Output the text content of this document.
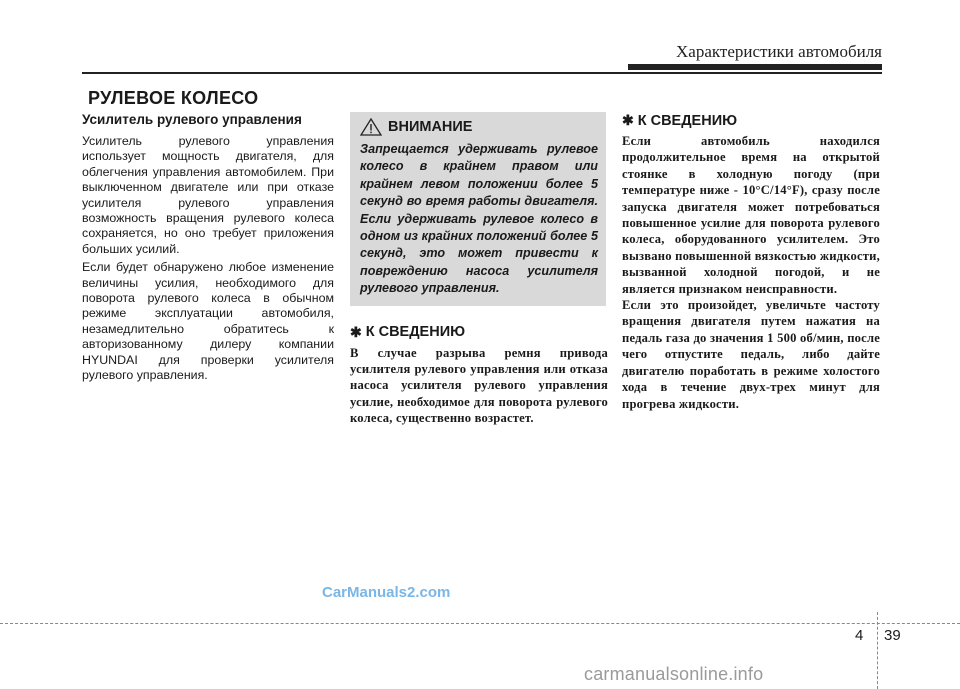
Характеристики автомобиля
РУЛЕВОЕ КОЛЕСО

Усилитель рулевого управления

Усилитель рулевого управления использует мощность двигателя, для облегчения управления автомобилем. При выключенном двигателе или при отказе усилителя рулевого управления возможность вращения рулевого колеса сохраняется, но оно требует приложения больших усилий.

Если будет обнаружено любое изменение величины усилия, необходимого для поворота рулевого колеса в обычном режиме эксплуатации автомобиля, незамедлительно обратитесь к авторизованному дилеру компании HYUNDAI для проверки усилителя рулевого управления.

ВНИМАНИЕ

Запрещается удерживать рулевое колесо в крайнем правом или крайнем левом положении более 5 секунд во время работы двигателя. Если удерживать рулевое колесо в одном из крайних положений более 5 секунд, это может привести к повреждению насоса усилителя рулевого управления.

✱ К СВЕДЕНИЮ

В случае разрыва ремня привода усилителя рулевого управления или отказа насоса усилителя рулевого управления усилие, необходимое для поворота рулевого колеса, существенно возрастет.

✱ К СВЕДЕНИЮ

Если автомобиль находился продолжительное время на открытой стоянке в холодную погоду (при температуре ниже - 10°C/14°F), сразу после запуска двигателя может потребоваться повышенное усилие для поворота рулевого колеса, оборудованного усилителем. Это вызвано повышенной вязкостью жидкости, вызванной холодной погодой, и не является признаком неисправности.

Если это произойдет, увеличьте частоту вращения двигателя путем нажатия на педаль газа до значения 1 500 об/мин, после чего отпустите педаль, либо дайте двигателю поработать в режиме холостого хода в течение двух-трех минут для прогрева жидкости.

CarManuals2.com
4 39
carmanualsonline.info
